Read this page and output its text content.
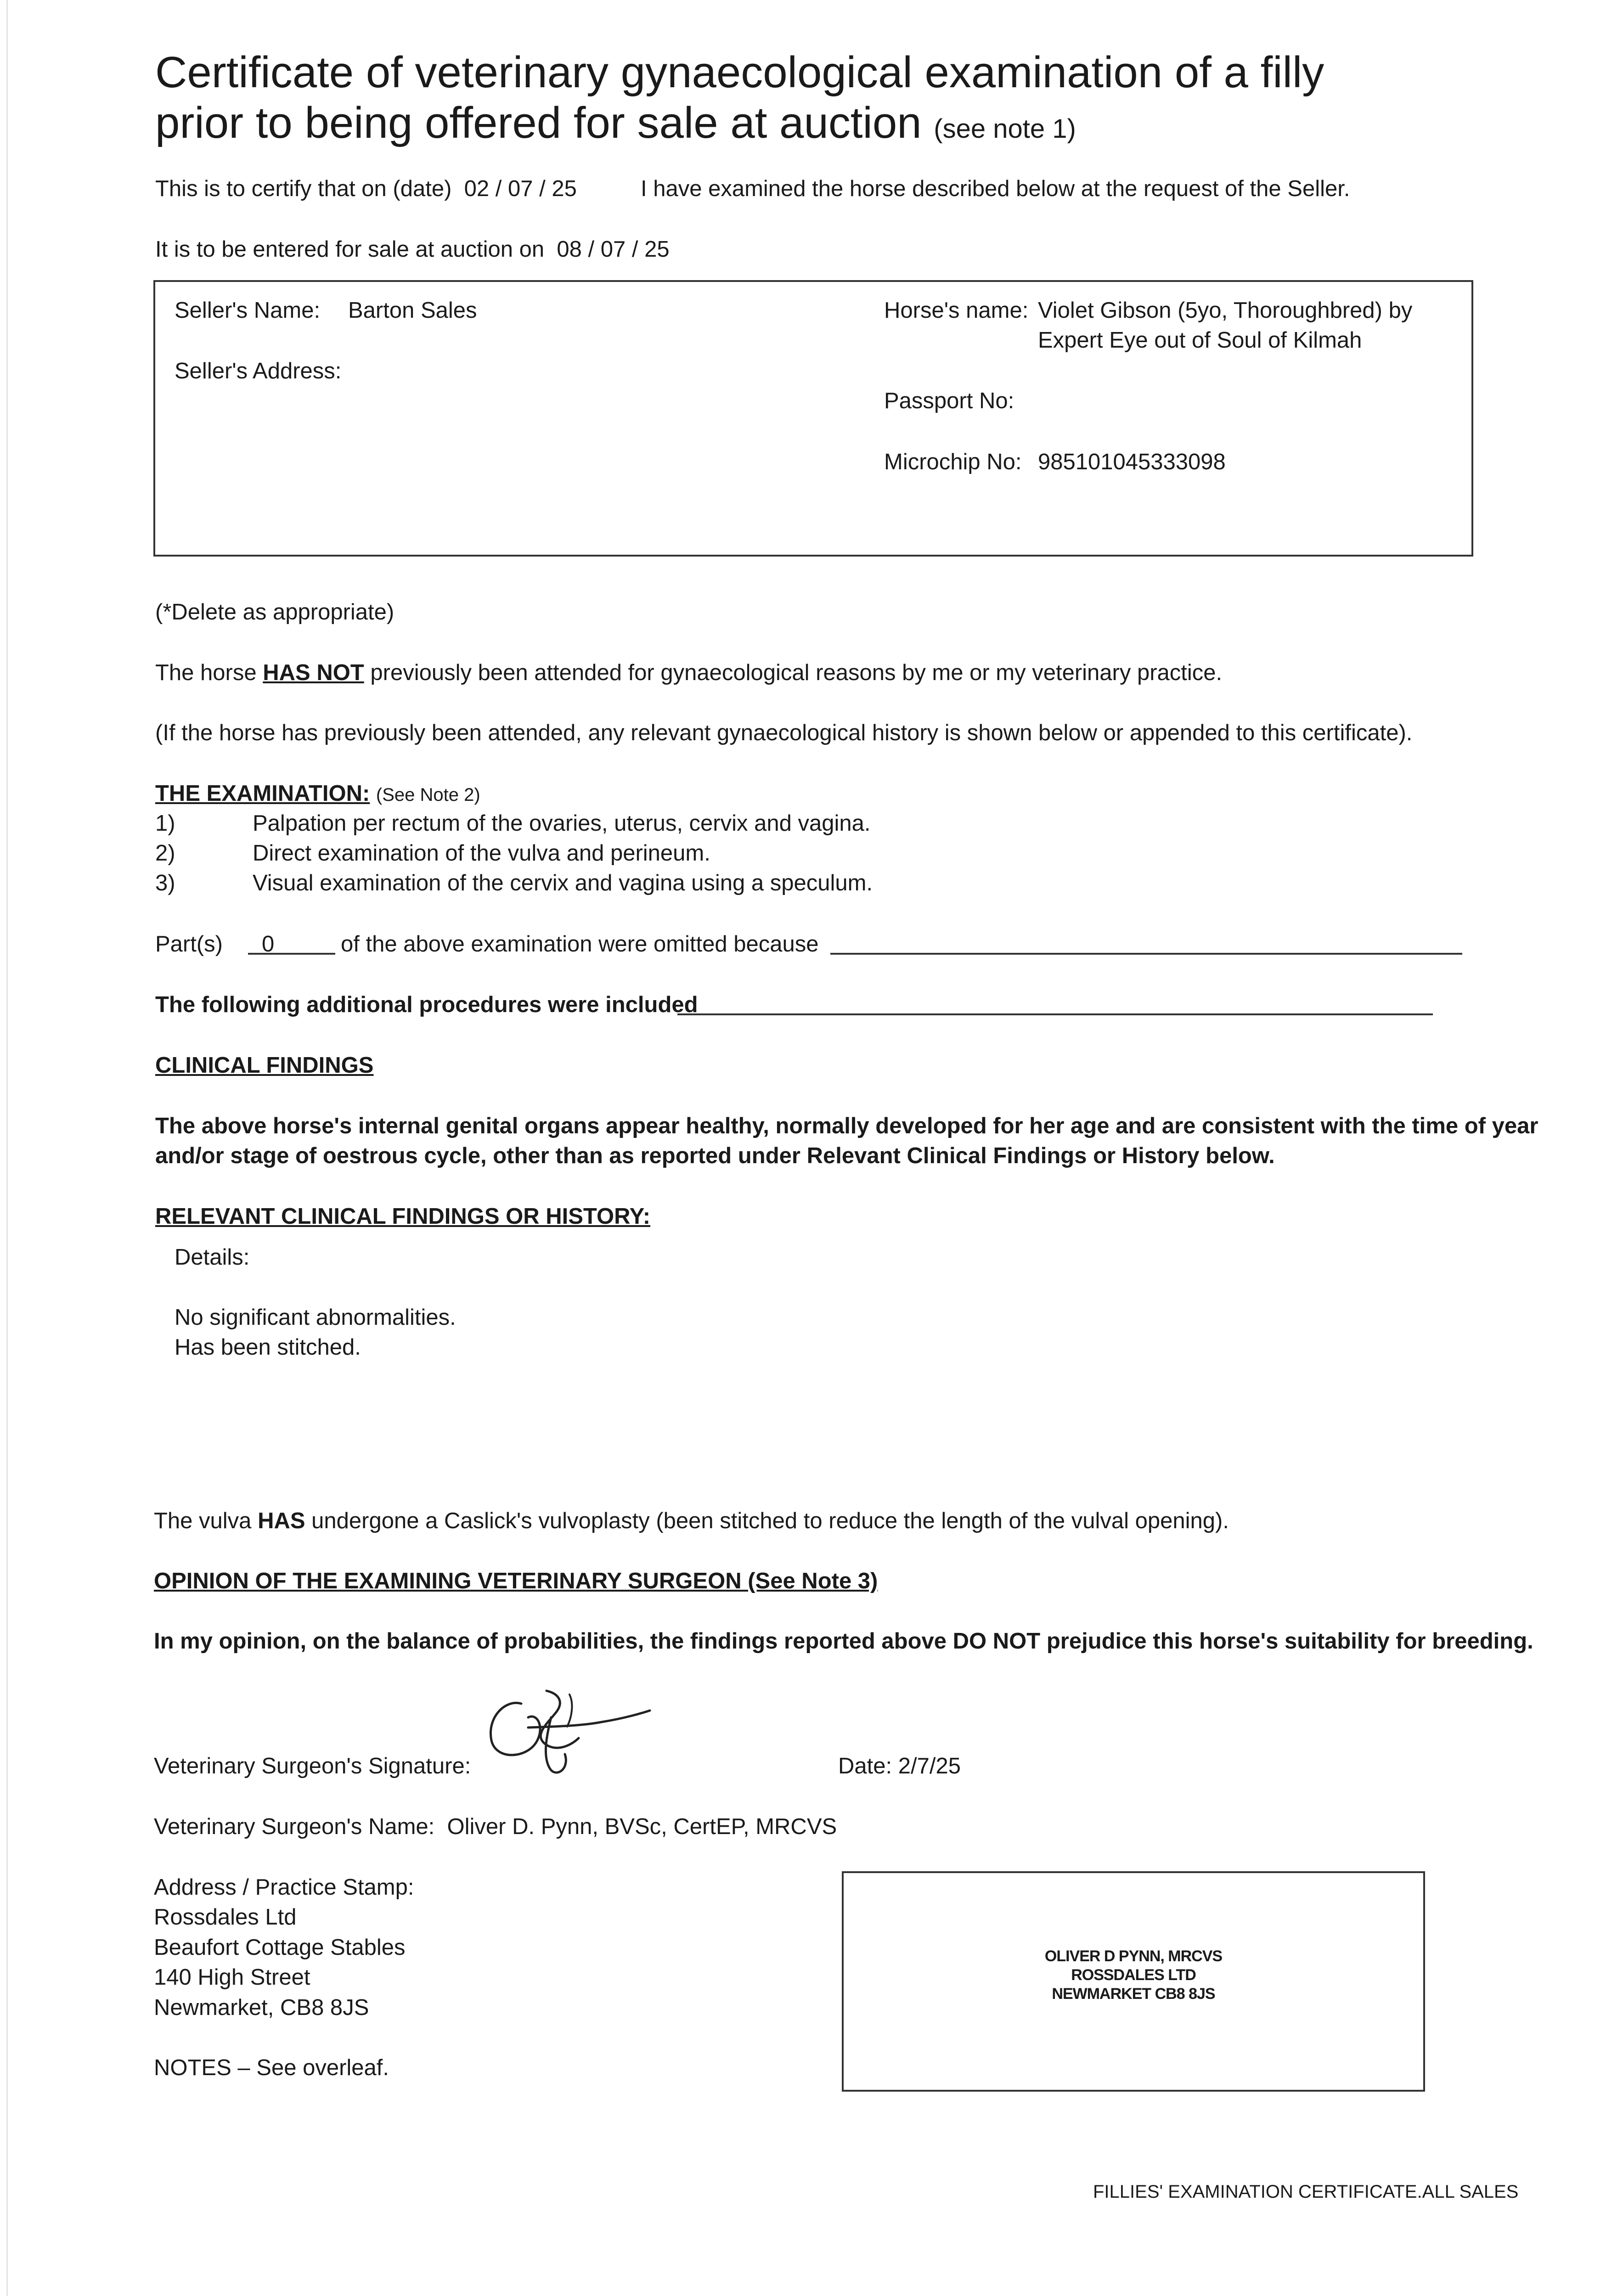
Certificate of veterinary gynaecological examination of a filly
prior to being offered for sale at auction (see note 1)
This is to certify that on (date) 02 / 07 / 25	I have examined the horse described below at the request of the Seller.
It is to be entered for sale at auction on 08 / 07 / 25
Seller's Name: Barton Sales
Seller's Address:
Horse's name: Violet Gibson (5yo, Thoroughbred) by
Expert Eye out of Soul of Kilmah
Passport No:
Microchip No: 985101045333098
(*Delete as appropriate)
The horse HAS NOT previously been attended for gynaecological reasons by me or my veterinary practice.
(If the horse has previously been attended, any relevant gynaecological history is shown below or appended to this certificate).
THE EXAMINATION: (See Note 2)
1)	Palpation per rectum of the ovaries, uterus, cervix and vagina.
2)	Direct examination of the vulva and perineum.
3)	Visual examination of the cervix and vagina using a speculum.
Part(s) 0	of the above examination were omitted because
The following additional procedures were included
CLINICAL FINDINGS
The above horse's internal genital organs appear healthy, normally developed for her age and are consistent with the time of year
and/or stage of oestrous cycle, other than as reported under Relevant Clinical Findings or History below.
RELEVANT CLINICAL FINDINGS OR HISTORY:
Details:
No significant abnormalities.
Has been stitched.
The vulva HAS undergone a Caslick's vulvoplasty (been stitched to reduce the length of the vulval opening).
OPINION OF THE EXAMINING VETERINARY SURGEON (See Note 3)
In my opinion, on the balance of probabilities, the findings reported above DO NOT prejudice this horse's suitability for breeding.
Veterinary Surgeon's Signature:	Date: 2/7/25
Veterinary Surgeon's Name: Oliver D. Pynn, BVSc, CertEP, MRCVS
Address / Practice Stamp:
Rossdales Ltd
Beaufort Cottage Stables
140 High Street
Newmarket, CB8 8JS
NOTES – See overleaf.
OLIVER D PYNN, MRCVS
ROSSDALES LTD
NEWMARKET CB8 8JS
FILLIES' EXAMINATION CERTIFICATE.ALL SALES
